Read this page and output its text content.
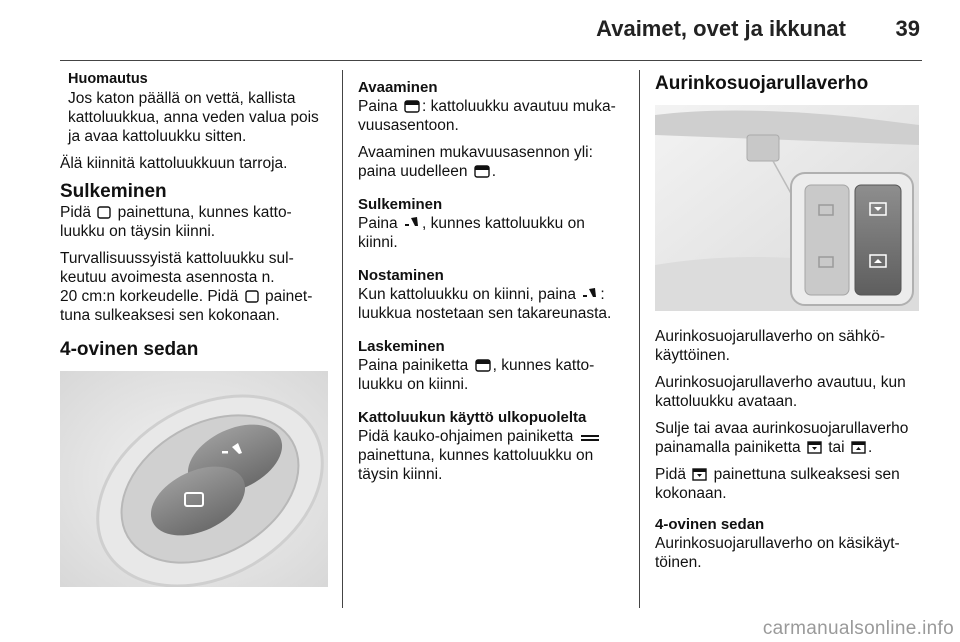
Avaimet, ovet ja ikkunat 39
Huomautus
Jos katon päällä on vettä, kallista kattoluukkua, anna veden valua pois ja avaa kattoluukku sitten.

Älä kiinnitä kattoluukkuun tarroja.

Sulkeminen

Pidä painettuna, kunnes katto-luukku on täysin kiinni.

Turvallisuussyistä kattoluukku sul-keutuu avoimesta asennosta n.
20 cm:n korkeudelle. Pidä painet-tuna sulkeaksesi sen kokonaan.

4-ovinen sedan
Avaaminen

Paina : kattoluukku avautuu muka-vuusasentoon.

Avaaminen mukavuusasennon yli: paina uudelleen .

Sulkeminen

Paina , kunnes kattoluukku on kiinni.

Nostaminen

Kun kattoluukku on kiinni, paina : luukkua nostetaan sen takareunasta.

Laskeminen

Paina painiketta , kunnes katto-luukku on kiinni.

Kattoluukun käyttö ulkopuolelta

Pidä kauko-ohjaimen painiketta  painettuna, kunnes kattoluukku on täysin kiinni.

Aurinkosuojarullaverho

Aurinkosuojarullaverho on sähkö-käyttöinen.

Aurinkosuojarullaverho avautuu, kun kattoluukku avataan.

Sulje tai avaa aurinkosuojarullaverho painamalla painiketta tai .

Pidä painettuna sulkeaksesi sen kokonaan.

4-ovinen sedan

Aurinkosuojarullaverho on käsikäyt-töinen.

carmanualsonline.info
